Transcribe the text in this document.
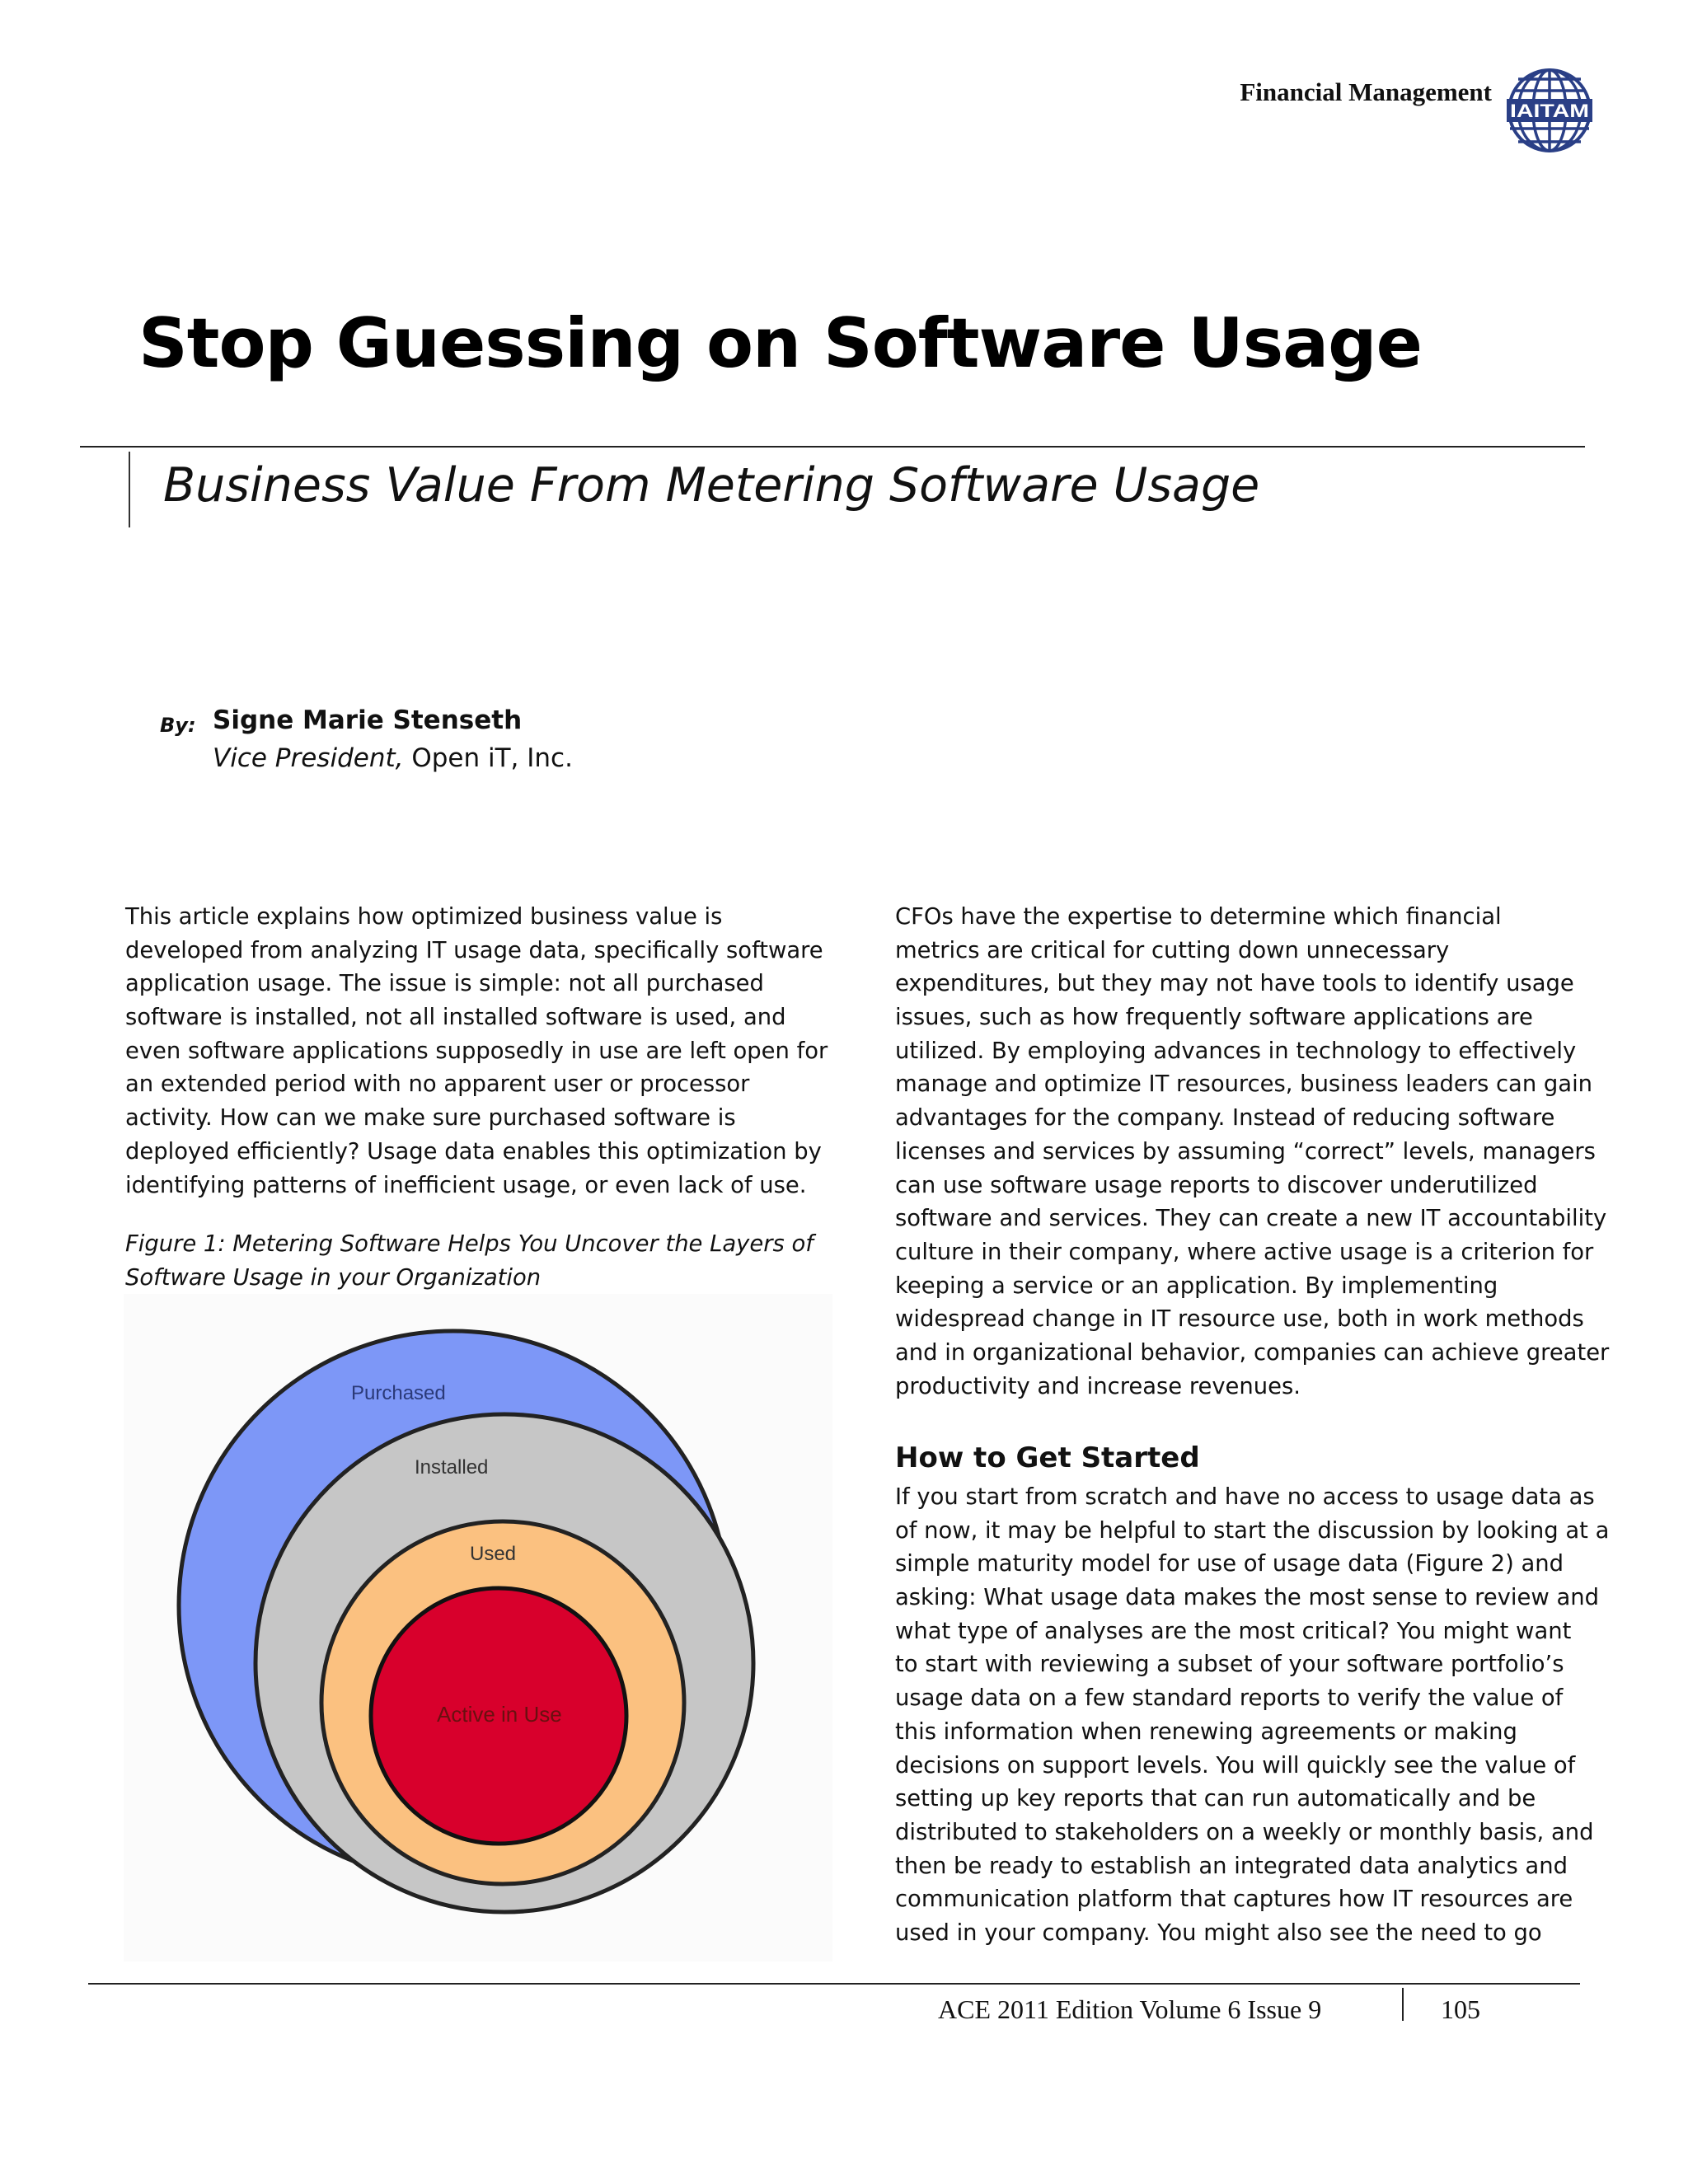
Financial Management
IAITAM
Stop Guessing on Software Usage
Business Value From Metering Software Usage
By: Signe Marie Stenseth
Vice President, Open iT, Inc.
This article explains how optimized business value is
developed from analyzing IT usage data, specifically software
application usage. The issue is simple: not all purchased
software is installed, not all installed software is used, and
even software applications supposedly in use are left open for
an extended period with no apparent user or processor
activity. How can we make sure purchased software is
deployed efficiently? Usage data enables this optimization by
identifying patterns of inefficient usage, or even lack of use.
Figure 1: Metering Software Helps You Uncover the Layers of
Software Usage in your Organization
Purchased
Installed
Used
Active in Use
CFOs have the expertise to determine which financial
metrics are critical for cutting down unnecessary
expenditures, but they may not have tools to identify usage
issues, such as how frequently software applications are
utilized. By employing advances in technology to effectively
manage and optimize IT resources, business leaders can gain
advantages for the company. Instead of reducing software
licenses and services by assuming “correct” levels, managers
can use software usage reports to discover underutilized
software and services. They can create a new IT accountability
culture in their company, where active usage is a criterion for
keeping a service or an application. By implementing
widespread change in IT resource use, both in work methods
and in organizational behavior, companies can achieve greater
productivity and increase revenues.
How to Get Started
If you start from scratch and have no access to usage data as
of now, it may be helpful to start the discussion by looking at a
simple maturity model for use of usage data (Figure 2) and
asking: What usage data makes the most sense to review and
what type of analyses are the most critical? You might want
to start with reviewing a subset of your software portfolio’s
usage data on a few standard reports to verify the value of
this information when renewing agreements or making
decisions on support levels. You will quickly see the value of
setting up key reports that can run automatically and be
distributed to stakeholders on a weekly or monthly basis, and
then be ready to establish an integrated data analytics and
communication platform that captures how IT resources are
used in your company. You might also see the need to go
ACE 2011 Edition Volume 6 Issue 9	105
